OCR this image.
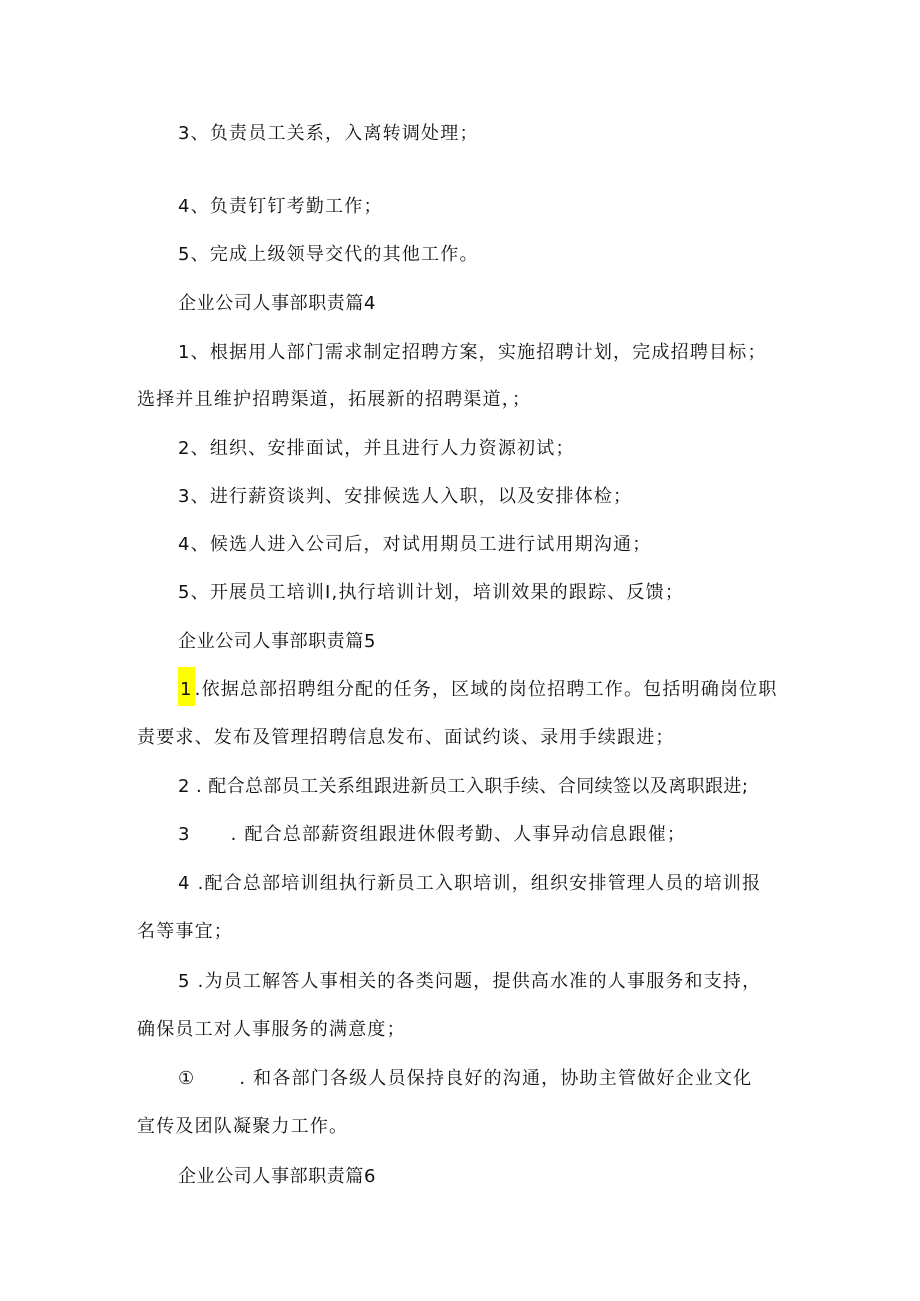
3、负责员工关系，入离转调处理；
4、负责钉钉考勤工作；
5、完成上级领导交代的其他工作。
企业公司人事部职责篇4
1、根据用人部门需求制定招聘方案，实施招聘计划，完成招聘目标；
选择并且维护招聘渠道，拓展新的招聘渠道，；
2、组织、安排面试，并且进行人力资源初试；
3、进行薪资谈判、安排候选人入职，以及安排体检；
4、候选人进入公司后，对试用期员工进行试用期沟通；
5、开展员工培训I,执行培训计划，培训效果的跟踪、反馈；
企业公司人事部职责篇5
1 .依据总部招聘组分配的任务，区域的岗位招聘工作。包括明确岗位职
责要求、发布及管理招聘信息发布、面试约谈、录用手续跟进；
2 . 配合总部员工关系组跟进新员工入职手续、合同续签以及离职跟进;
3 . 配合总部薪资组跟进休假考勤、人事异动信息跟催；
4 .配合总部培训组执行新员工入职培训，组织安排管理人员的培训报
名等事宜；
5 .为员工解答人事相关的各类问题，提供高水准的人事服务和支持，
确保员工对人事服务的满意度；
① . 和各部门各级人员保持良好的沟通，协助主管做好企业文化
宣传及团队凝聚力工作。
企业公司人事部职责篇6
